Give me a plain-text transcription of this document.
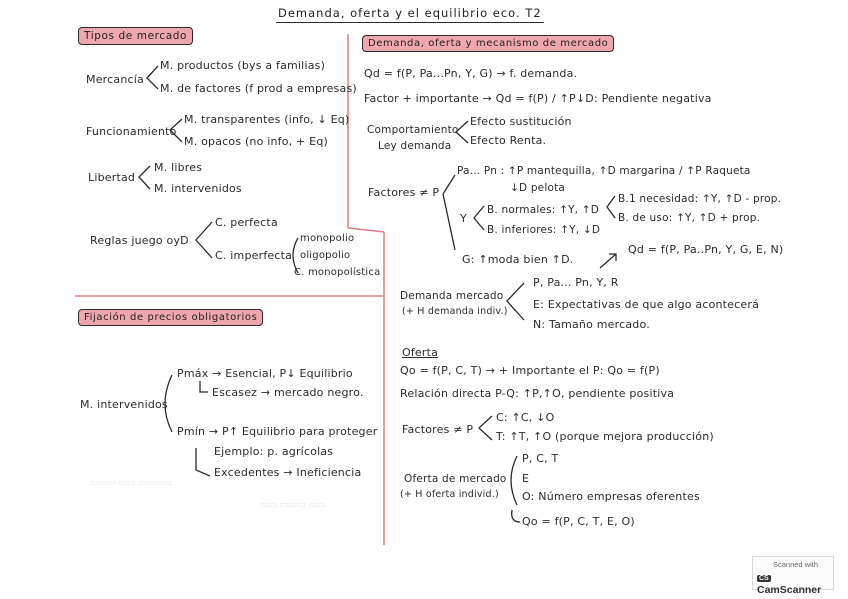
▭▭▭ ▭▭ ▭▭▭▭
▭▭ ▭▭▭ ▭▭
Demanda, oferta y el equilibrio eco. T2
Tipos de mercado
Mercancía
M. productos (bys a familias)
M. de factores (f prod a empresas)
Funcionamiento
M. transparentes (info, ↓ Eq)
M. opacos (no info, + Eq)
Libertad
M. libres
M. intervenidos
Reglas juego oyD
C. perfecta
C. imperfecta
monopolio
oligopolio
C. monopolística
Fijación de precios obligatorios
M. intervenidos
Pmáx → Esencial, P↓ Equilibrio
Escasez → mercado negro.
Pmín → P↑ Equilibrio para proteger
Ejemplo: p. agrícolas
Excedentes → Ineficiencia
Demanda, oferta y mecanismo de mercado
Qd = f(P, Pa...Pn, Y, G) → f. demanda.
Factor + importante → Qd = f(P) / ↑P↓D: Pendiente negativa
Comportamiento
Ley demanda
Efecto sustitución
Efecto Renta.
Factores ≠ P
Pa... Pn : ↑P mantequilla, ↑D margarina / ↑P Raqueta
↓D pelota
Y
B. normales: ↑Y, ↑D
B. inferiores: ↑Y, ↓D
B.1 necesidad: ↑Y, ↑D - prop.
B. de uso: ↑Y, ↑D + prop.
G: ↑moda bien ↑D.
Qd = f(P, Pa..Pn, Y, G, E, N)
Demanda mercado
(+ H demanda indiv.)
P, Pa... Pn, Y, R
E: Expectativas de que algo acontecerá
N: Tamaño mercado.
Oferta
Qo = f(P, C, T) → + Importante el P: Qo = f(P)
Relación directa P-Q: ↑P,↑O, pendiente positiva
Factores ≠ P
C: ↑C, ↓O
T: ↑T, ↑O (porque mejora producción)
Oferta de mercado
(+ H oferta individ.)
P, C, T
E
O: Número empresas oferentes
Qo = f(P, C, T, E, O)
Scanned with
CSCamScanner
